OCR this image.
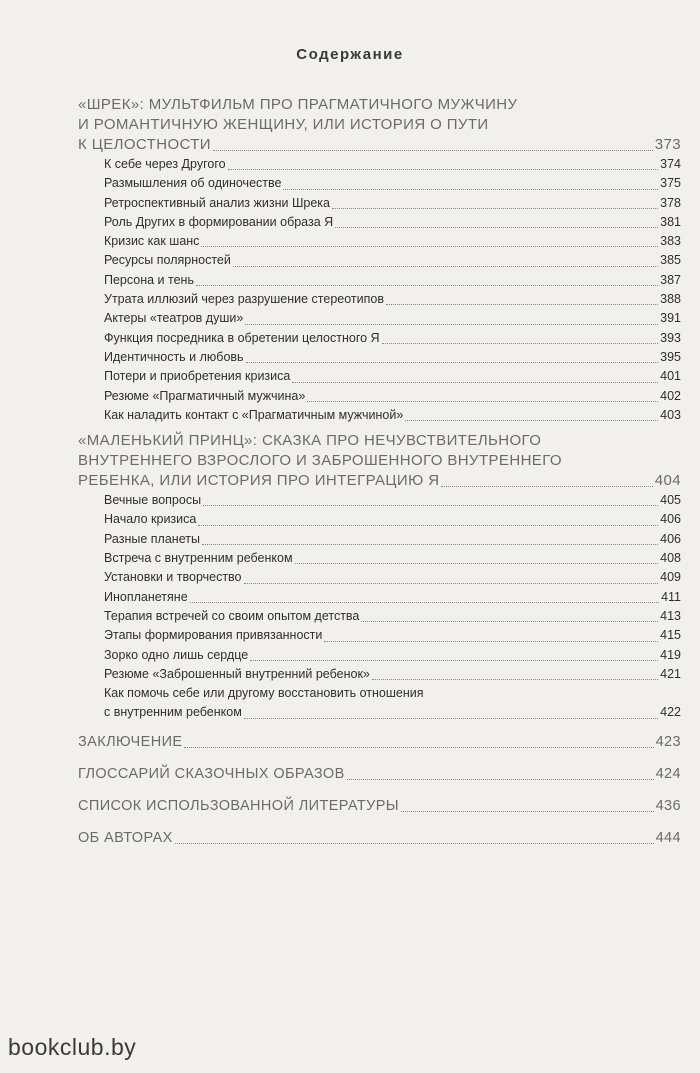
Содержание
«ШРЕК»: МУЛЬТФИЛЬМ ПРО ПРАГМАТИЧНОГО МУЖЧИНУ
И РОМАНТИЧНУЮ ЖЕНЩИНУ, ИЛИ ИСТОРИЯ О ПУТИ
К ЦЕЛОСТНОСТИ	373
К себе через Другого	374
Размышления об одиночестве	375
Ретроспективный анализ жизни Шрека	378
Роль Других в формировании образа Я	381
Кризис как шанс	383
Ресурсы полярностей	385
Персона и тень	387
Утрата иллюзий через разрушение стереотипов	388
Актеры «театров души»	391
Функция посредника в обретении целостного Я	393
Идентичность и любовь	395
Потери и приобретения кризиса	401
Резюме «Прагматичный мужчина»	402
Как наладить контакт с «Прагматичным мужчиной»	403
«МАЛЕНЬКИЙ ПРИНЦ»: СКАЗКА ПРО НЕЧУВСТВИТЕЛЬНОГО
ВНУТРЕННЕГО ВЗРОСЛОГО И ЗАБРОШЕННОГО ВНУТРЕННЕГО
РЕБЕНКА, ИЛИ ИСТОРИЯ ПРО ИНТЕГРАЦИЮ Я	404
Вечные вопросы	405
Начало кризиса	406
Разные планеты	406
Встреча с внутренним ребенком	408
Установки и творчество	409
Инопланетяне	411
Терапия встречей со своим опытом детства	413
Этапы формирования привязанности	415
Зорко одно лишь сердце	419
Резюме «Заброшенный внутренний ребенок»	421
Как помочь себе или другому восстановить отношения
с внутренним ребенком	422
ЗАКЛЮЧЕНИЕ	423
ГЛОССАРИЙ СКАЗОЧНЫХ ОБРАЗОВ	424
СПИСОК ИСПОЛЬЗОВАННОЙ ЛИТЕРАТУРЫ	436
ОБ АВТОРАХ	444
bookclub.by
